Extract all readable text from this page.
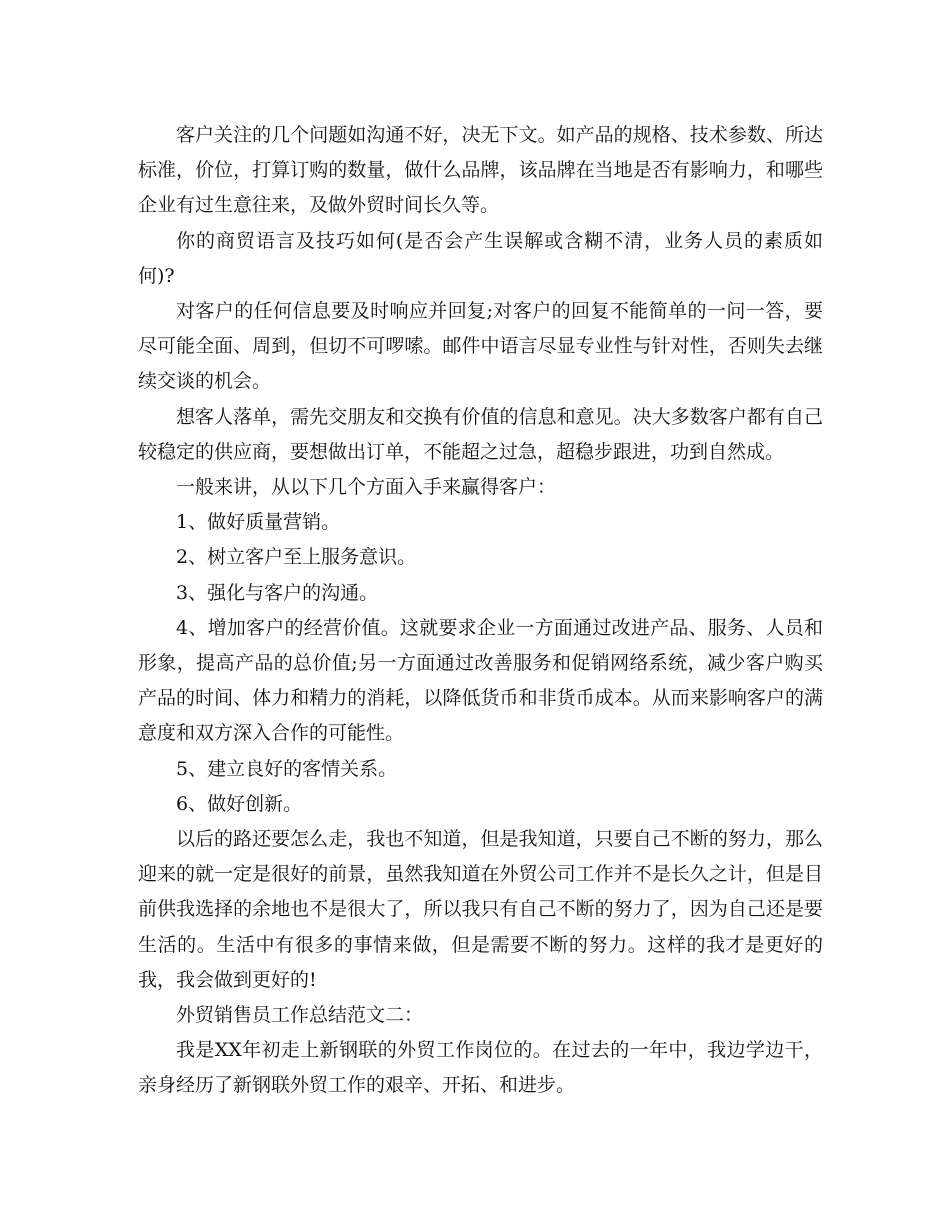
客户关注的几个问题如沟通不好，决无下文。如产品的规格、技术参数、所达标准，价位，打算订购的数量，做什么品牌，该品牌在当地是否有影响力，和哪些企业有过生意往来，及做外贸时间长久等。

你的商贸语言及技巧如何(是否会产生误解或含糊不清，业务人员的素质如何)?

对客户的任何信息要及时响应并回复;对客户的回复不能简单的一问一答，要尽可能全面、周到，但切不可啰嗦。邮件中语言尽显专业性与针对性，否则失去继续交谈的机会。

想客人落单，需先交朋友和交换有价值的信息和意见。决大多数客户都有自己较稳定的供应商，要想做出订单，不能超之过急，超稳步跟进，功到自然成。

一般来讲，从以下几个方面入手来赢得客户：

1、做好质量营销。

2、树立客户至上服务意识。

3、强化与客户的沟通。

4、增加客户的经营价值。这就要求企业一方面通过改进产品、服务、人员和形象，提高产品的总价值;另一方面通过改善服务和促销网络系统，减少客户购买产品的时间、体力和精力的消耗，以降低货币和非货币成本。从而来影响客户的满意度和双方深入合作的可能性。

5、建立良好的客情关系。

6、做好创新。

以后的路还要怎么走，我也不知道，但是我知道，只要自己不断的努力，那么迎来的就一定是很好的前景，虽然我知道在外贸公司工作并不是长久之计，但是目前供我选择的余地也不是很大了，所以我只有自己不断的努力了，因为自己还是要生活的。生活中有很多的事情来做，但是需要不断的努力。这样的我才是更好的我，我会做到更好的!

外贸销售员工作总结范文二：

我是XX年初走上新钢联的外贸工作岗位的。在过去的一年中，我边学边干，亲身经历了新钢联外贸工作的艰辛、开拓、和进步。
